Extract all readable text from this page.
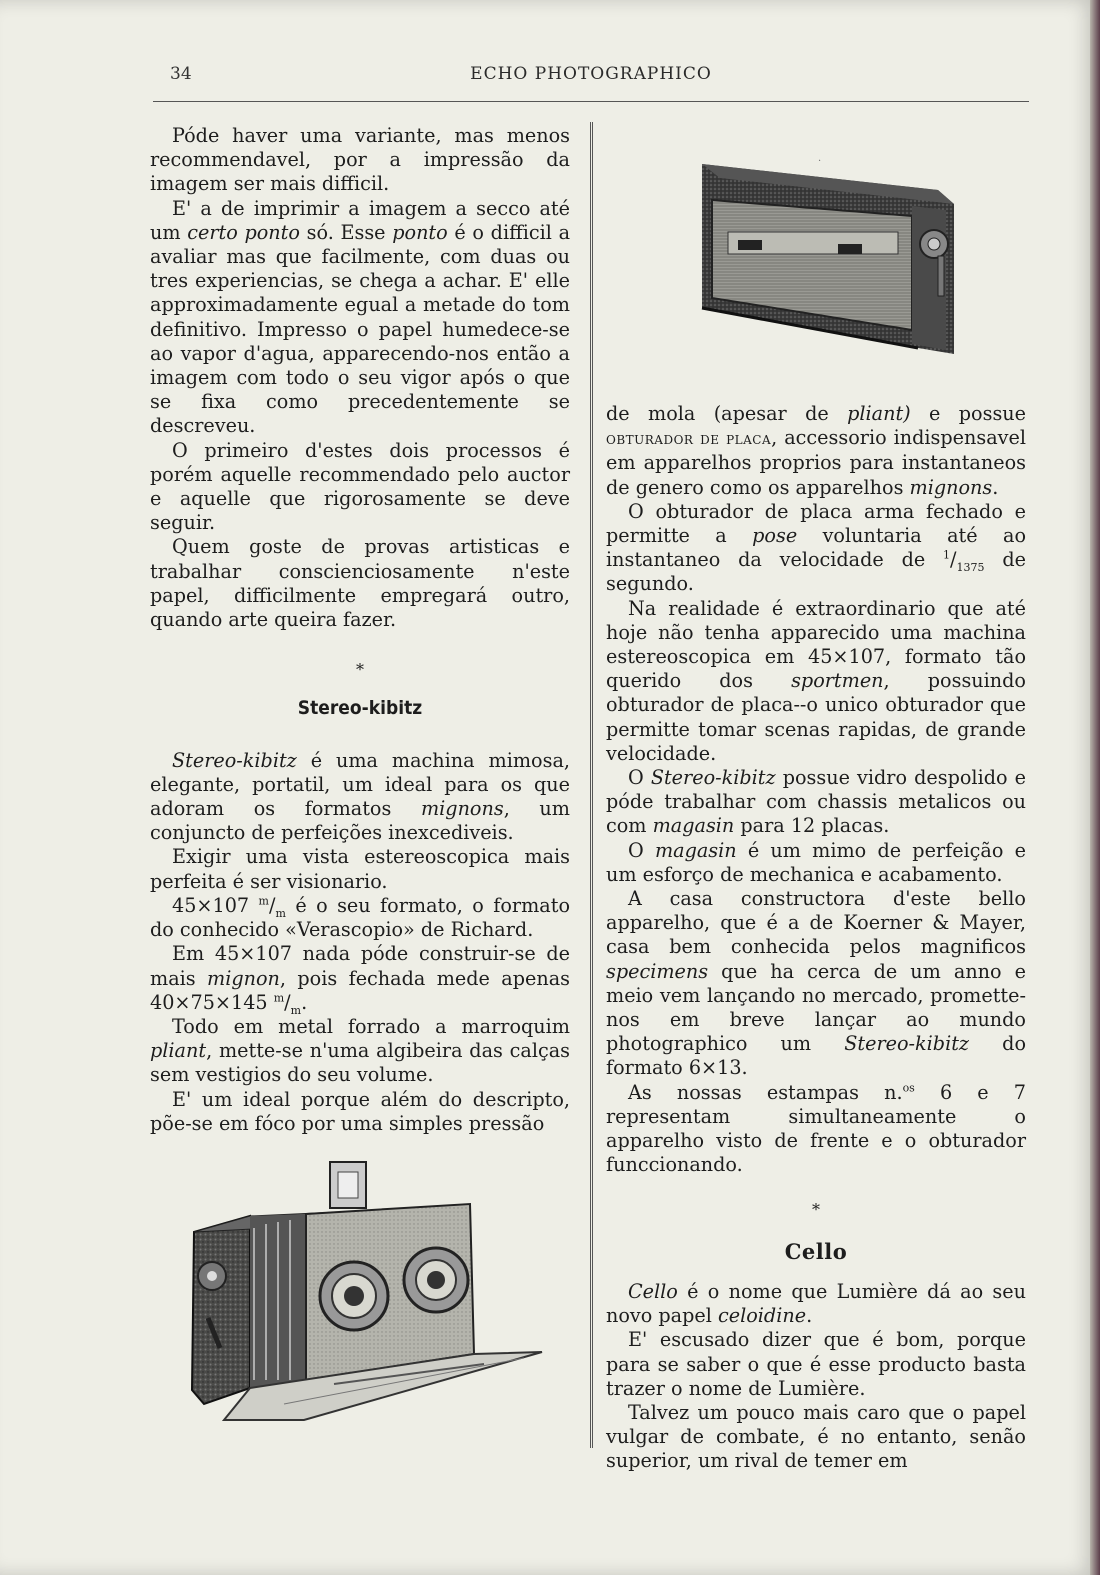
34	ECHO PHOTOGRAPHICO
·

Póde haver uma variante, mas menos recommendavel, por a impressão da imagem ser mais difficil.

E' a de imprimir a imagem a secco até um certo ponto só. Esse ponto é o difficil a avaliar mas que facilmente, com duas ou tres experiencias, se chega a achar. E' elle approximadamente egual a metade do tom definitivo. Impresso o papel humedece-se ao vapor d'agua, apparecendo-nos então a imagem com todo o seu vigor após o que se fixa como precedentemente se descreveu.

O primeiro d'estes dois processos é porém aquelle recommendado pelo auctor e aquelle que rigorosamente se deve seguir.

Quem goste de provas artisticas e trabalhar conscienciosamente n'este papel, difficilmente empregará outro, quando arte queira fazer.

*
Stereo-kibitz

Stereo-kibitz é uma machina mimosa, elegante, portatil, um ideal para os que adoram os formatos mignons, um conjuncto de perfeições inexcediveis.

Exigir uma vista estereoscopica mais perfeita é ser visionario.

45×107 $^m/_m$ é o seu formato, o formato do conhecido «Verascopio» de Richard.

Em 45×107 nada póde construir-se de mais mignon, pois fechada mede apenas 40×75×145 $^m/_m$.

Todo em metal forrado a marroquim pliant, mette-se n'uma algibeira das calças sem vestigios do seu volume.

E' um ideal porque além do descripto, põe-se em fóco por uma simples pressão

de mola (apesar de pliant) e possue obturador de placa, accessorio indispensavel em apparelhos proprios para instantaneos de genero como os apparelhos mignons.

O obturador de placa arma fechado e permitte a pose voluntaria até ao instantaneo da velocidade de $^1/_{1375}$ de segundo.

Na realidade é extraordinario que até hoje não tenha apparecido uma machina estereoscopica em 45×107, formato tão querido dos sportmen, possuindo obturador de placa--o unico obturador que permitte tomar scenas rapidas, de grande velocidade.

O Stereo-kibitz possue vidro despolido e póde trabalhar com chassis metalicos ou com magasin para 12 placas.

O magasin é um mimo de perfeição e um esforço de mechanica e acabamento.

A casa constructora d'este bello apparelho, que é a de Koerner & Mayer, casa bem conhecida pelos magnificos specimens que ha cerca de um anno e meio vem lançando no mercado, promette-nos em breve lançar ao mundo photographico um Stereo-kibitz do formato 6×13.

As nossas estampas n.$^{os}$ 6 e 7 representam simultaneamente o apparelho visto de frente e o obturador funccionando.

*
Cello

Cello é o nome que Lumière dá ao seu novo papel celoidine.

E' escusado dizer que é bom, porque para se saber o que é esse producto basta trazer o nome de Lumière.

Talvez um pouco mais caro que o papel vulgar de combate, é no entanto, senão superior, um rival de temer em
